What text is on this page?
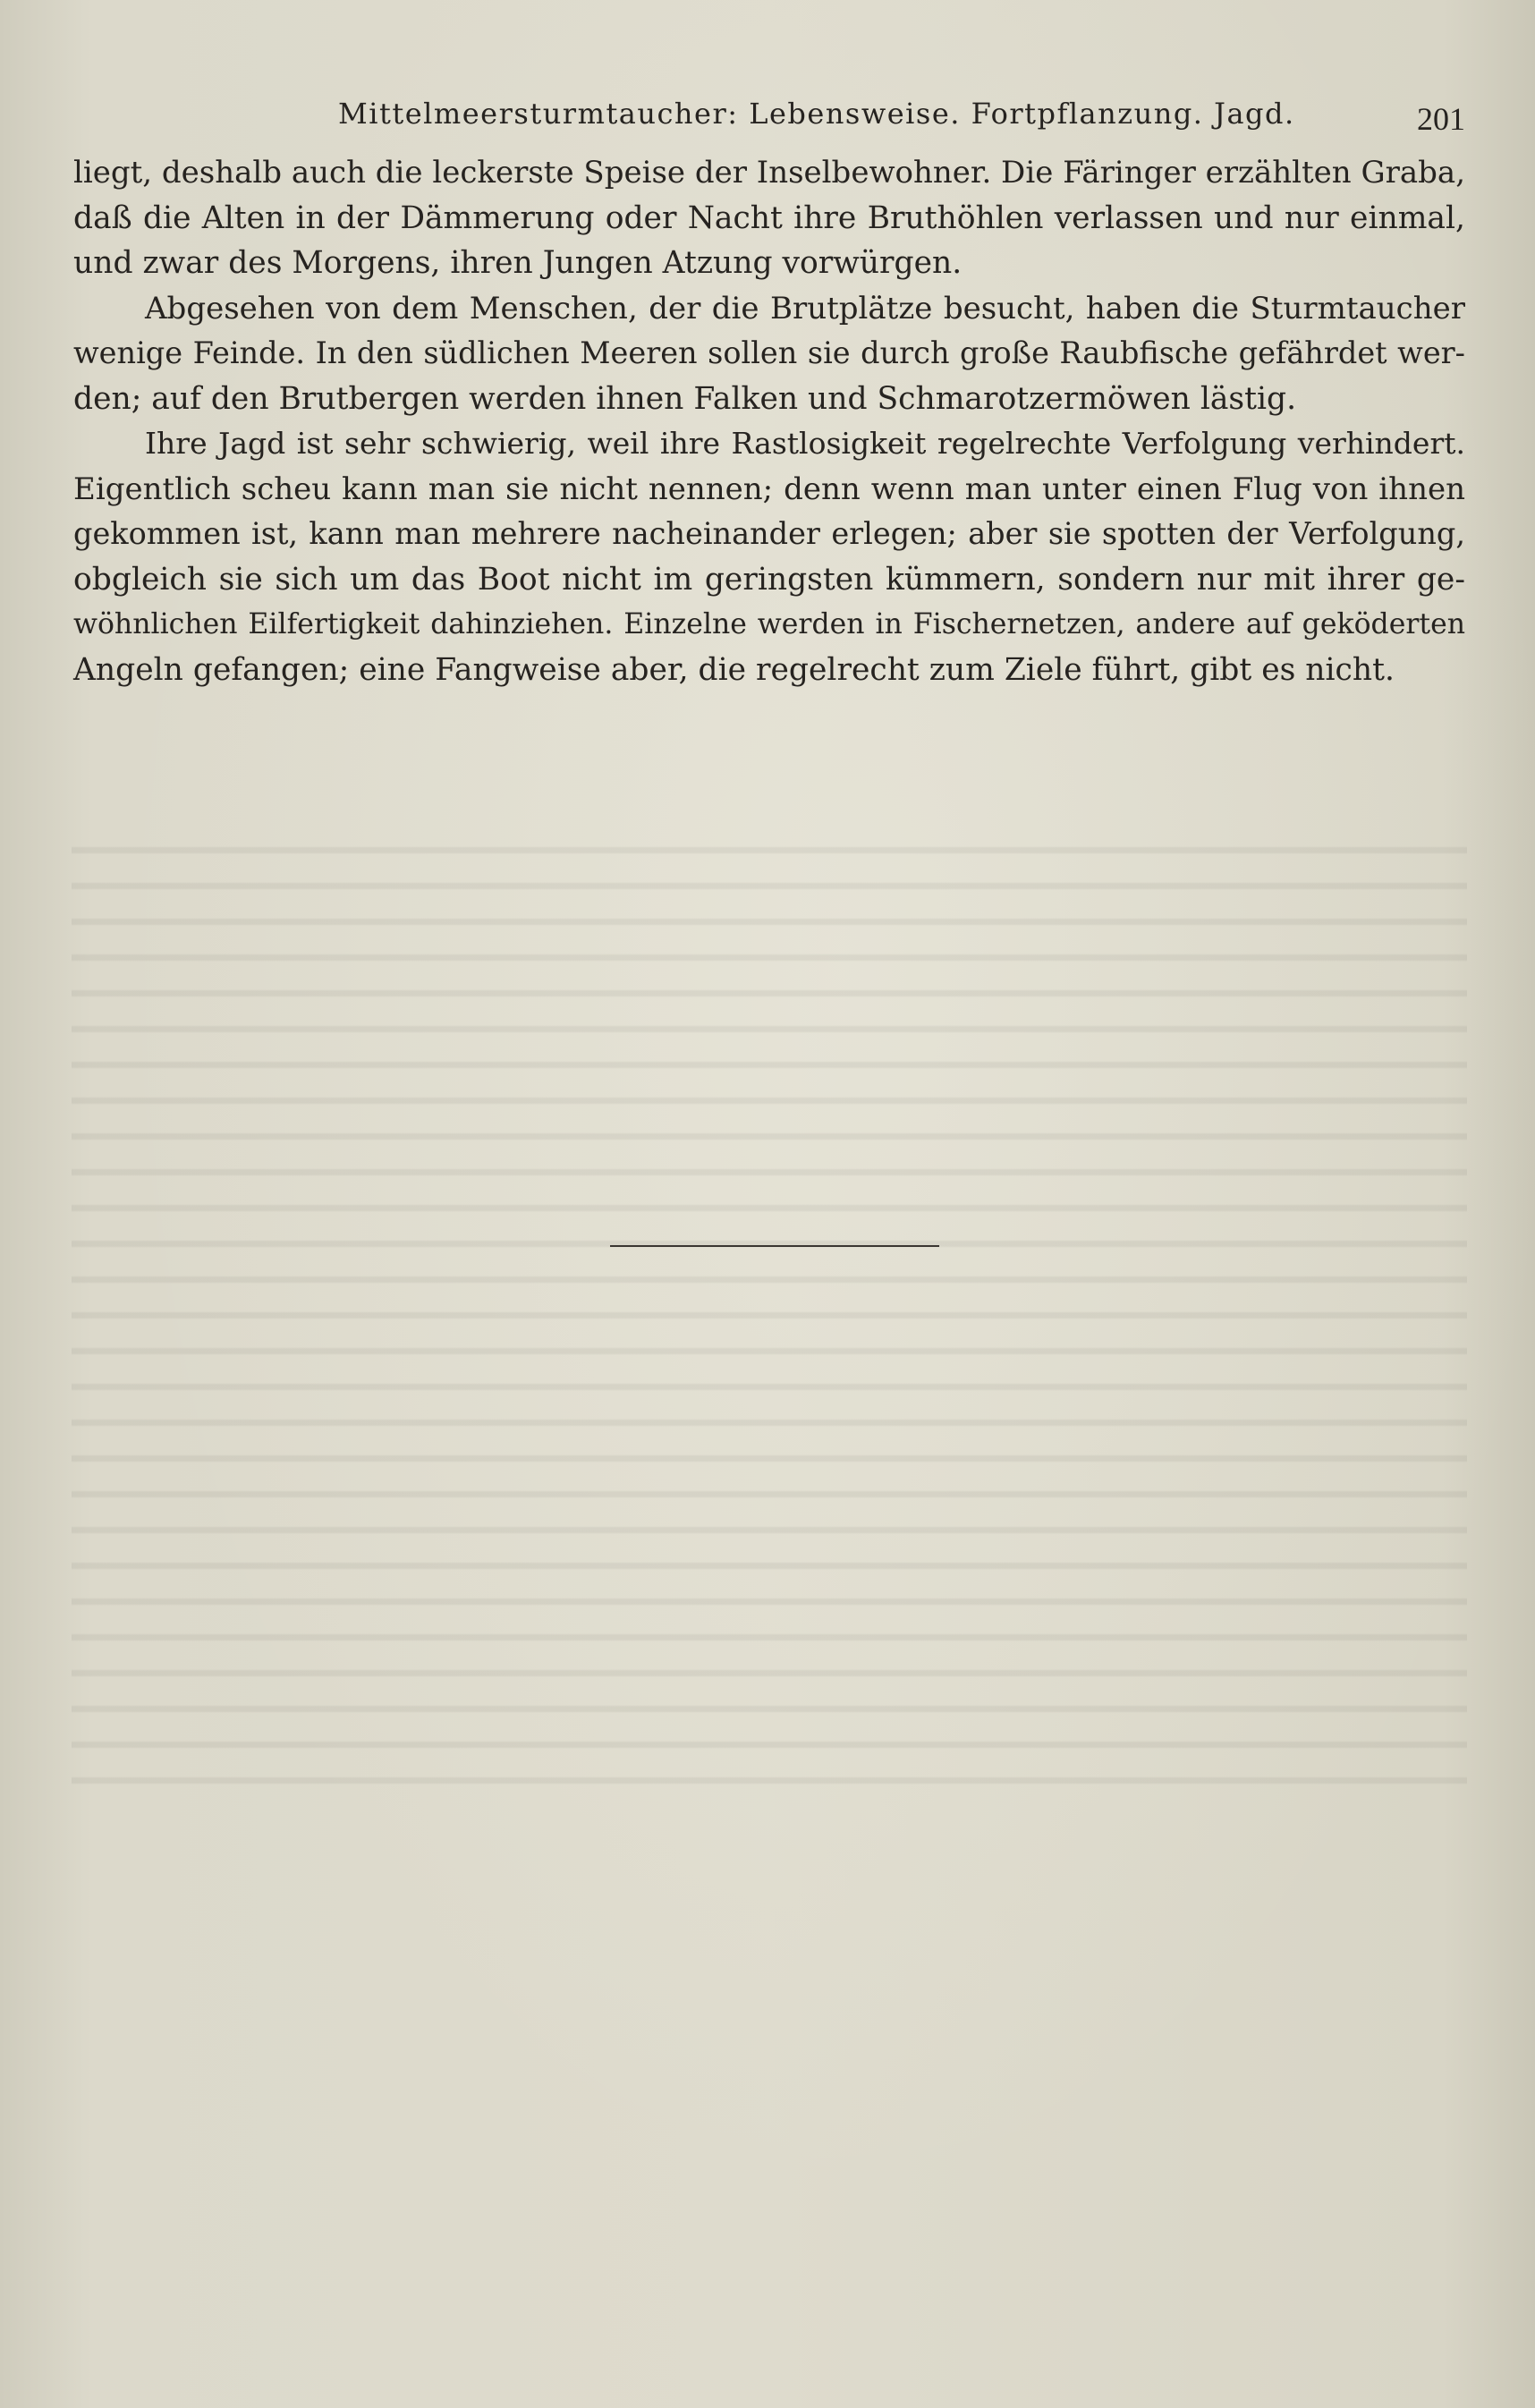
Mittelmeersturmtaucher: Lebensweise. Fortpflanzung. Jagd.	201
liegt, deshalb auch die leckerste Speise der Inselbewohner. Die Färinger erzählten Graba,
daß die Alten in der Dämmerung oder Nacht ihre Bruthöhlen verlassen und nur einmal,
und zwar des Morgens, ihren Jungen Atzung vorwürgen.
Abgesehen von dem Menschen, der die Brutplätze besucht, haben die Sturmtaucher
wenige Feinde. In den südlichen Meeren sollen sie durch große Raubfische gefährdet wer-
den; auf den Brutbergen werden ihnen Falken und Schmarotzermöwen lästig.
Ihre Jagd ist sehr schwierig, weil ihre Rastlosigkeit regelrechte Verfolgung verhindert.
Eigentlich scheu kann man sie nicht nennen; denn wenn man unter einen Flug von ihnen
gekommen ist, kann man mehrere nacheinander erlegen; aber sie spotten der Verfolgung,
obgleich sie sich um das Boot nicht im geringsten kümmern, sondern nur mit ihrer ge-
wöhnlichen Eilfertigkeit dahinziehen. Einzelne werden in Fischernetzen, andere auf geköderten
Angeln gefangen; eine Fangweise aber, die regelrecht zum Ziele führt, gibt es nicht.
